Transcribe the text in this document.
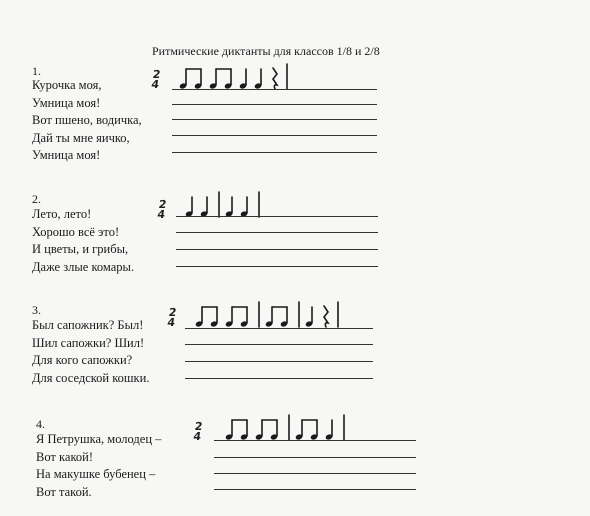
Ритмические диктанты для классов 1/8 и 2/8
1.
Курочка моя,
Умница моя!
Вот пшено, водичка,
Дай ты мне яичко,
Умница моя!
2
4
2.
Лето, лето!
Хорошо всё это!
И цветы, и грибы,
Даже злые комары.
2
4
3.
Был сапожник? Был!
Шил сапожки? Шил!
Для кого сапожки?
Для соседской кошки.
2
4
4.
Я Петрушка, молодец –
Вот какой!
На макушке бубенец –
Вот такой.
2
4
